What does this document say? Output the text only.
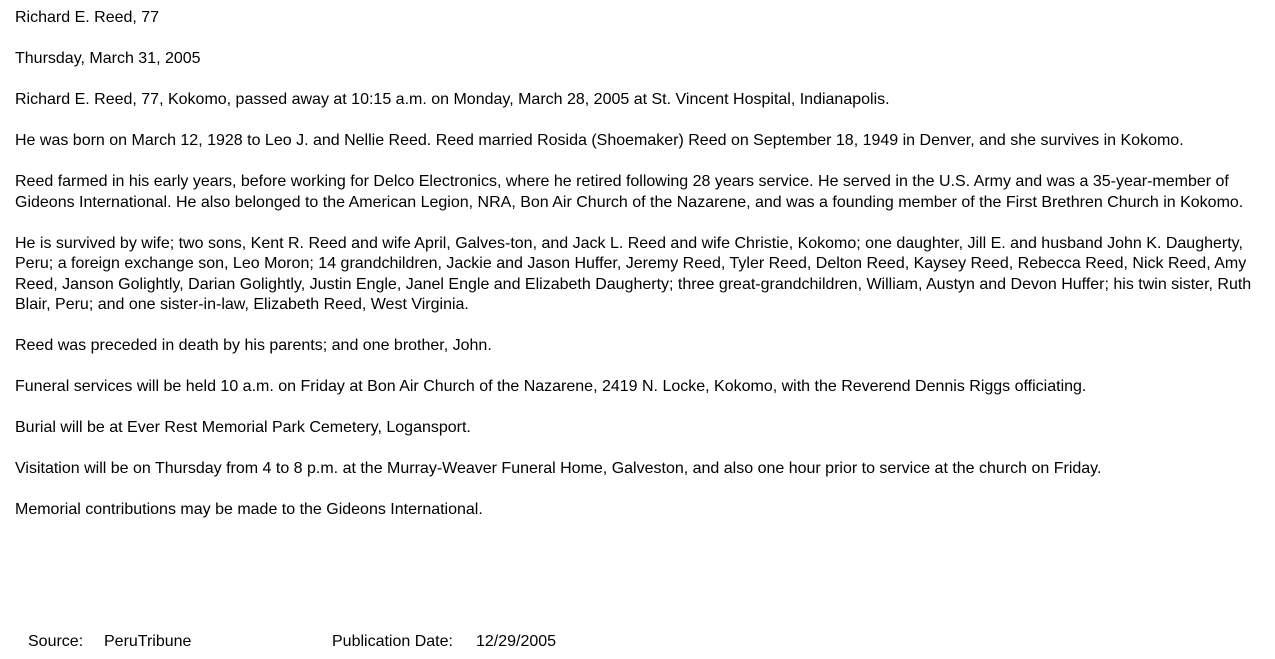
Richard E. Reed, 77

Thursday, March 31, 2005

Richard E. Reed, 77, Kokomo, passed away at 10:15 a.m. on Monday, March 28, 2005 at St. Vincent Hospital, Indianapolis.

He was born on March 12, 1928 to Leo J. and Nellie Reed. Reed married Rosida (Shoemaker) Reed on September 18, 1949 in Denver, and she survives in Kokomo.

Reed farmed in his early years, before working for Delco Electronics, where he retired following 28 years service. He served in the U.S. Army and was a 35-year-member of Gideons International. He also belonged to the American Legion, NRA, Bon Air Church of the Nazarene, and was a founding member of the First Brethren Church in Kokomo.

He is survived by wife; two sons, Kent R. Reed and wife April, Galves-ton, and Jack L. Reed and wife Christie, Kokomo; one daughter, Jill E. and husband John K. Daugherty, Peru; a foreign exchange son, Leo Moron; 14 grandchildren, Jackie and Jason Huffer, Jeremy Reed, Tyler Reed, Delton Reed, Kaysey Reed, Rebecca Reed, Nick Reed, Amy Reed, Janson Golightly, Darian Golightly, Justin Engle, Janel Engle and Elizabeth Daugherty; three great-grandchildren, William, Austyn and Devon Huffer; his twin sister, Ruth Blair, Peru; and one sister-in-law, Elizabeth Reed, West Virginia.

Reed was preceded in death by his parents; and one brother, John.

Funeral services will be held 10 a.m. on Friday at Bon Air Church of the Nazarene, 2419 N. Locke, Kokomo, with the Reverend Dennis Riggs officiating.

Burial will be at Ever Rest Memorial Park Cemetery, Logansport.

Visitation will be on Thursday from 4 to 8 p.m. at the Murray-Weaver Funeral Home, Galveston, and also one hour prior to service at the church on Friday.

Memorial contributions may be made to the Gideons International.

Source: PeruTribune	Publication Date: 12/29/2005
